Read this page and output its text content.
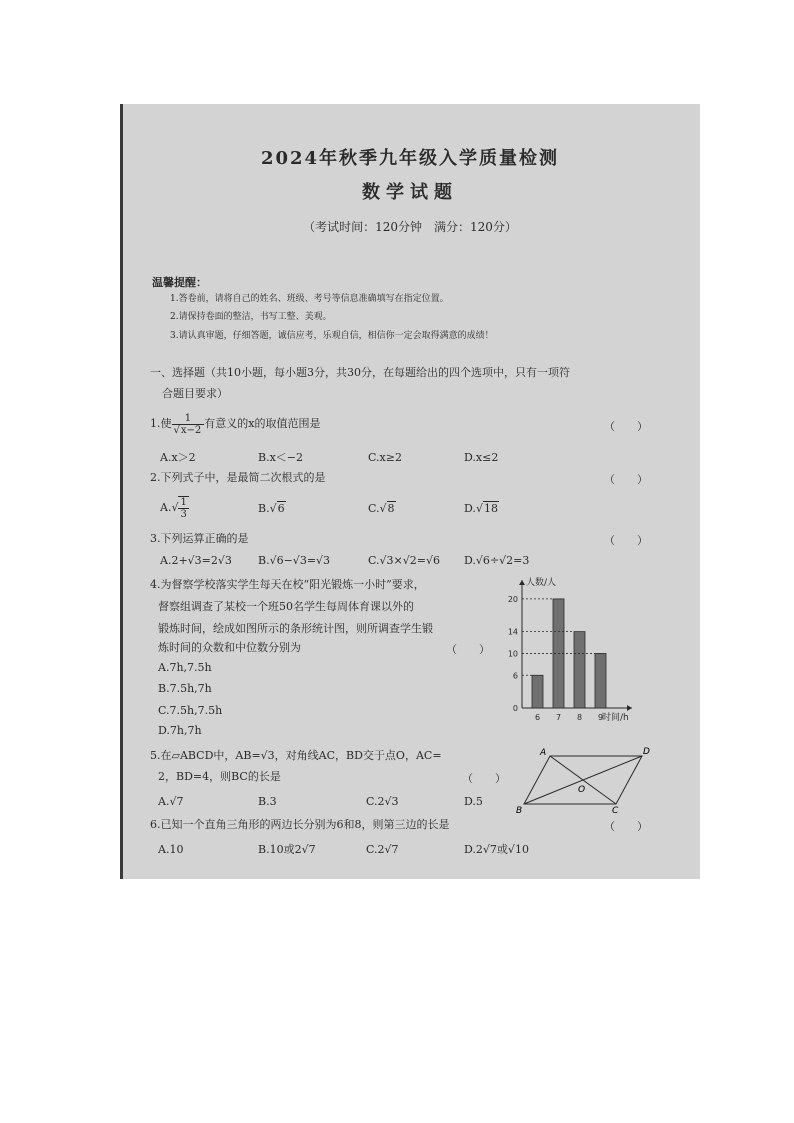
2024年秋季九年级入学质量检测
数学试题
（考试时间：120分钟　满分：120分）
温馨提醒：
1.答卷前，请将自己的姓名、班级、考号等信息准确填写在指定位置。
2.请保持卷面的整洁，书写工整、美观。
3.请认真审题，仔细答题，诚信应考，乐观自信，相信你一定会取得满意的成绩！
一、选择题（共10小题，每小题3分，共30分，在每题给出的四个选项中，只有一项符
合题目要求）
1.使 $\frac{1}{√x-2}$ 有意义的x的取值范围是	（　　）
A.x＞2	B.x＜−2	C.x≥2	D.x≤2
2.下列式子中，是最简二次根式的是	（　　）
$A.√ \frac{1}{3}$	B.√6	C.√8	D.√18
3.下列运算正确的是	（　　）
A.2+√3=2√3 B.√6−√3=√3	C.√3×√2=√6 D.√6÷√2=3
4.为督察学校落实学生每天在校“阳光锻炼一小时”要求，
督察组调查了某校一个班50名学生每周体育课以外的
锻炼时间，绘成如图所示的条形统计图，则所调查学生锻
炼时间的众数和中位数分别为	（　　）
A.7h,7.5h
B.7.5h,7h
C.7.5h,7.5h
D.7h,7h
人数/人
时间/h
0
6
10
14
20
6 7 8 9
5.在▱ABCD中，AB=√3，对角线AC，BD交于点O，AC=
2，BD=4，则BC的长是	（　　）
A.√7	B.3	C.2√3	D.5
A	D
O
B	C
6.已知一个直角三角形的两边长分别为6和8，则第三边的长是	（　　）
A.10	B.10或2√7	C.2√7	D.2√7或√10
